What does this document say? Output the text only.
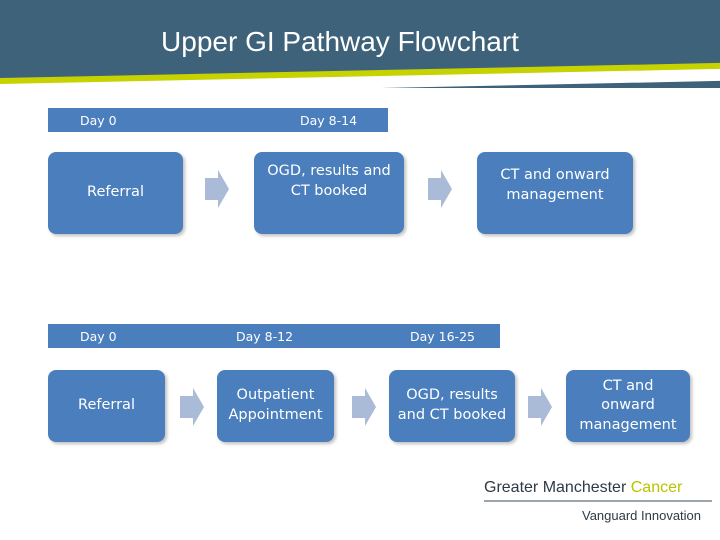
Upper GI Pathway Flowchart
Day 0	Day 8-14
Referral
OGD, results and CT booked
CT and onward management
Day 0	Day 8-12	Day 16-25
Referral
Outpatient Appointment
OGD, results and CT booked
CT and onward management
Greater Manchester Cancer
Vanguard Innovation
